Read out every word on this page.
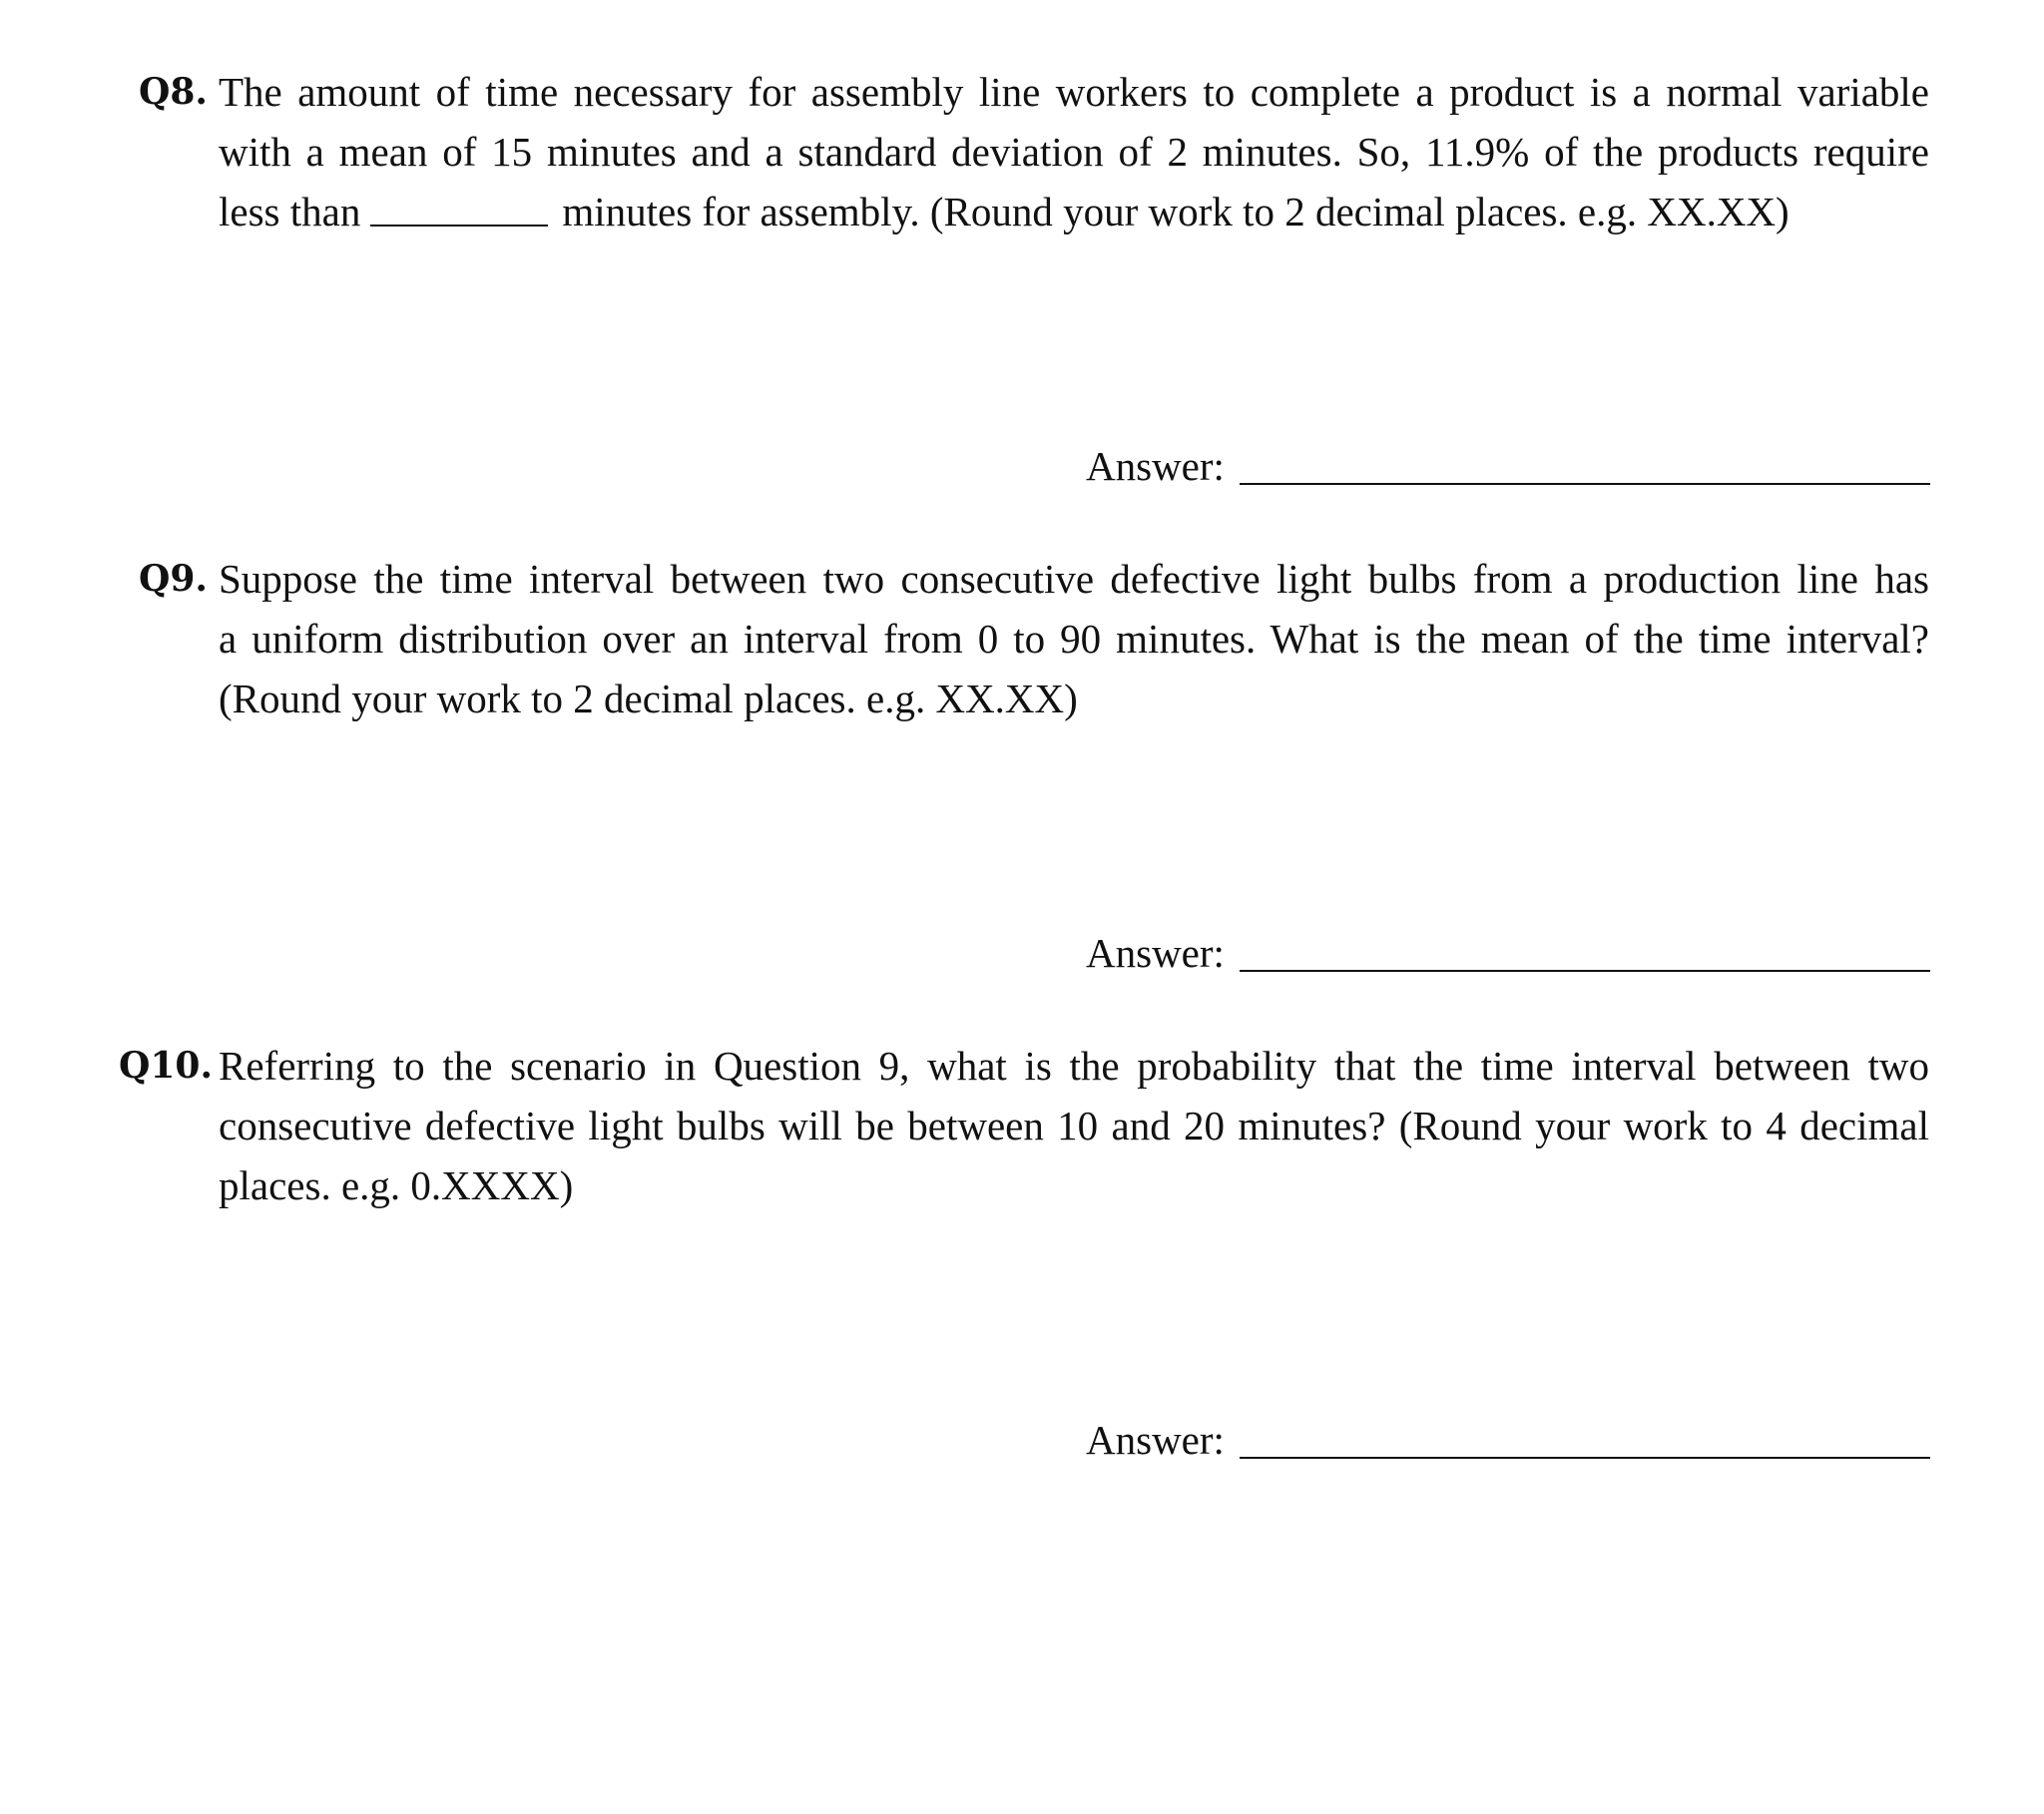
Q8. The amount of time necessary for assembly line workers to complete a product is a normal variable
with a mean of 15 minutes and a standard deviation of 2 minutes. So, 11.9% of the products require
less than	minutes for assembly. (Round your work to 2 decimal places. e.g. XX.XX)
Answer:
Q9. Suppose the time interval between two consecutive defective light bulbs from a production line has
a uniform distribution over an interval from 0 to 90 minutes. What is the mean of the time interval?
(Round your work to 2 decimal places. e.g. XX.XX)
Answer:
Q10. Referring to the scenario in Question 9, what is the probability that the time interval between two
consecutive defective light bulbs will be between 10 and 20 minutes? (Round your work to 4 decimal
places. e.g. 0.XXXX)
Answer:
